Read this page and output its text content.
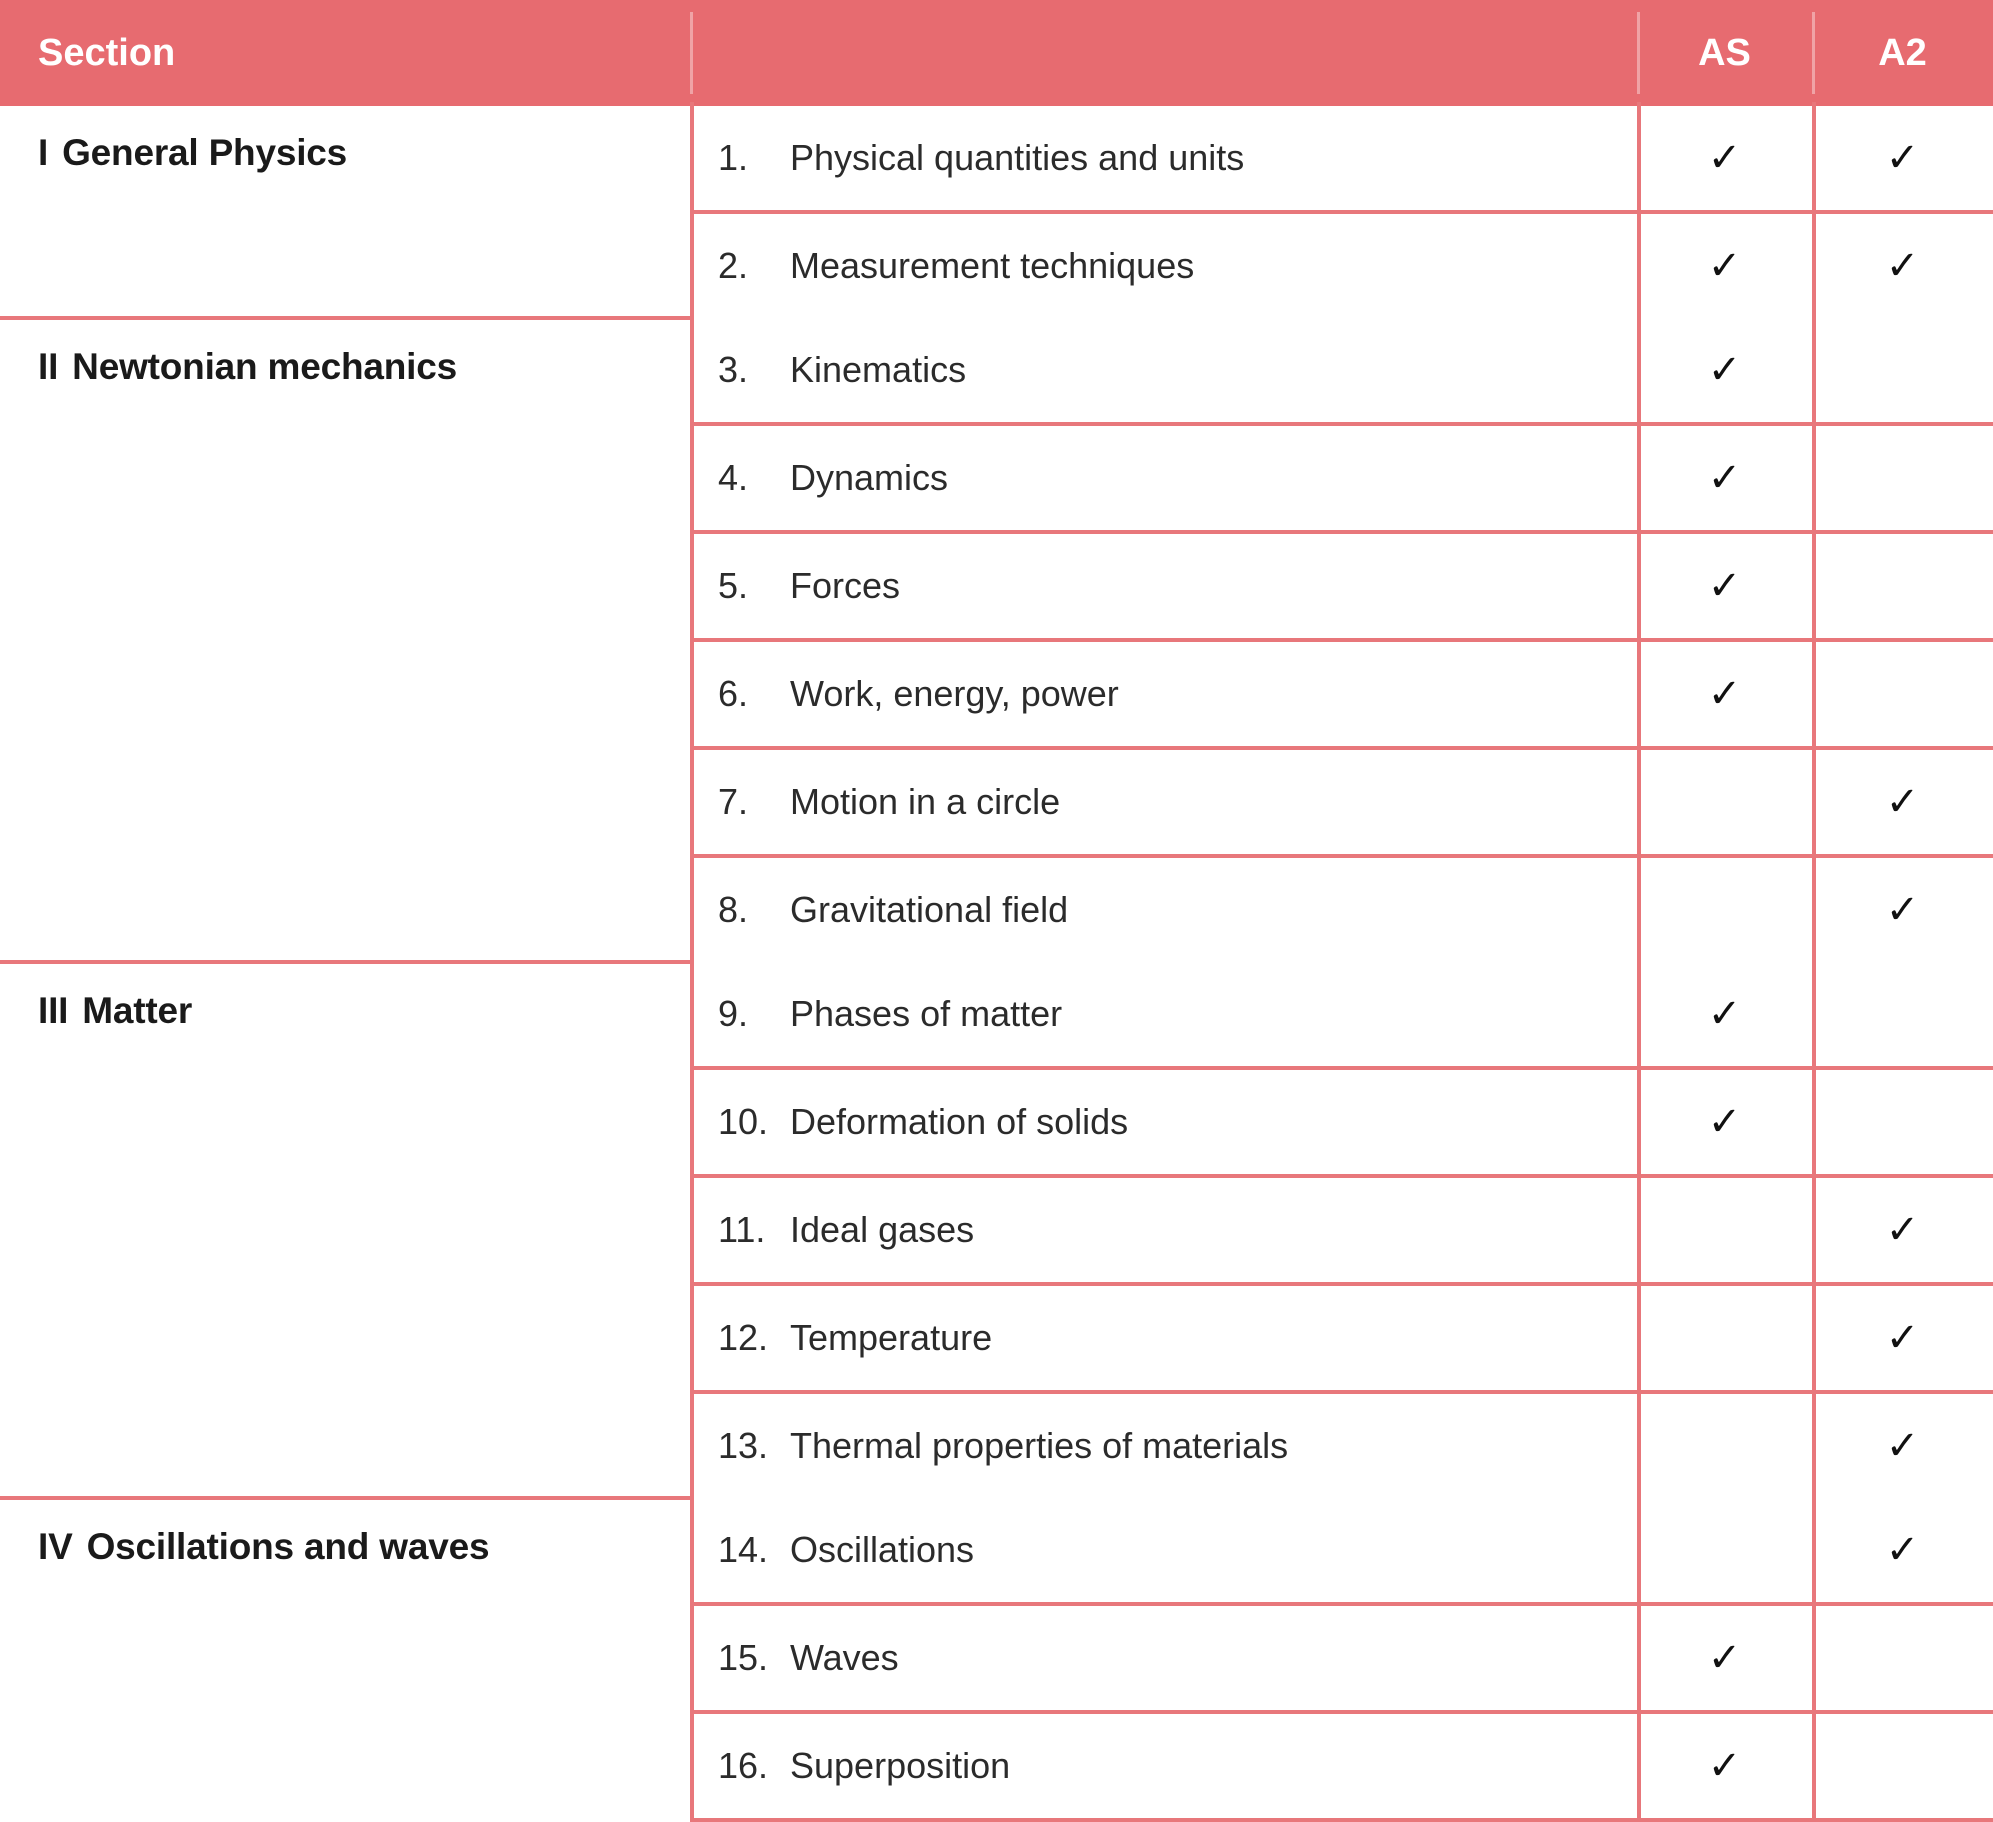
Section		AS	A2
I General Physics	1. Physical quantities and units	✓	✓

	2. Measurement techniques	✓	✓
II Newtonian mechanics	3. Kinematics	✓	

	4. Dynamics	✓	

	5. Forces	✓	

	6. Work, energy, power	✓	

	7. Motion in a circle		✓

	8. Gravitational field		✓
III Matter	9. Phases of matter	✓	

	10. Deformation of solids	✓	

	11. Ideal gases		✓

	12. Temperature		✓

	13. Thermal properties of materials		✓
IV Oscillations and waves	14. Oscillations		✓

	15. Waves	✓	

	16. Superposition	✓	
